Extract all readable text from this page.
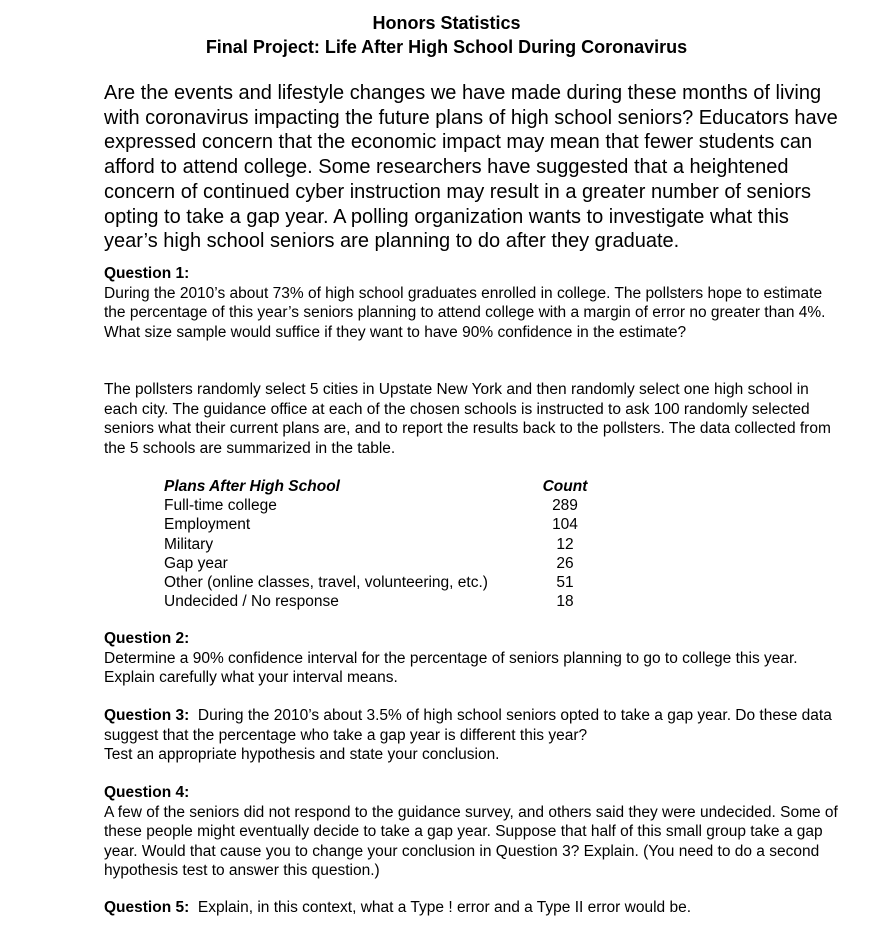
Honors Statistics
Final Project: Life After High School During Coronavirus

Are the events and lifestyle changes we have made during these months of living with coronavirus impacting the future plans of high school seniors? Educators have expressed concern that the economic impact may mean that fewer students can afford to attend college. Some researchers have suggested that a heightened concern of continued cyber instruction may result in a greater number of seniors opting to take a gap year. A polling organization wants to investigate what this year’s high school seniors are planning to do after they graduate.

Question 1:

During the 2010’s about 73% of high school graduates enrolled in college. The pollsters hope to estimate the percentage of this year’s seniors planning to attend college with a margin of error no greater than 4%. What size sample would suffice if they want to have 90% confidence in the estimate?

The pollsters randomly select 5 cities in Upstate New York and then randomly select one high school in each city. The guidance office at each of the chosen schools is instructed to ask 100 randomly selected seniors what their current plans are, and to report the results back to the pollsters. The data collected from the 5 schools are summarized in the table.

Plans After High School	Count
Full-time college	289
Employment	104
Military	12
Gap year	26
Other (online classes, travel, volunteering, etc.)	51
Undecided / No response	18
Question 2:

Determine a 90% confidence interval for the percentage of seniors planning to go to college this year. Explain carefully what your interval means.

Question 3: During the 2010’s about 3.5% of high school seniors opted to take a gap year. Do these data suggest that the percentage who take a gap year is different this year?

Test an appropriate hypothesis and state your conclusion.

Question 4:

A few of the seniors did not respond to the guidance survey, and others said they were undecided. Some of these people might eventually decide to take a gap year. Suppose that half of this small group take a gap year. Would that cause you to change your conclusion in Question 3? Explain. (You need to do a second hypothesis test to answer this question.)

Question 5: Explain, in this context, what a Type ! error and a Type II error would be.
